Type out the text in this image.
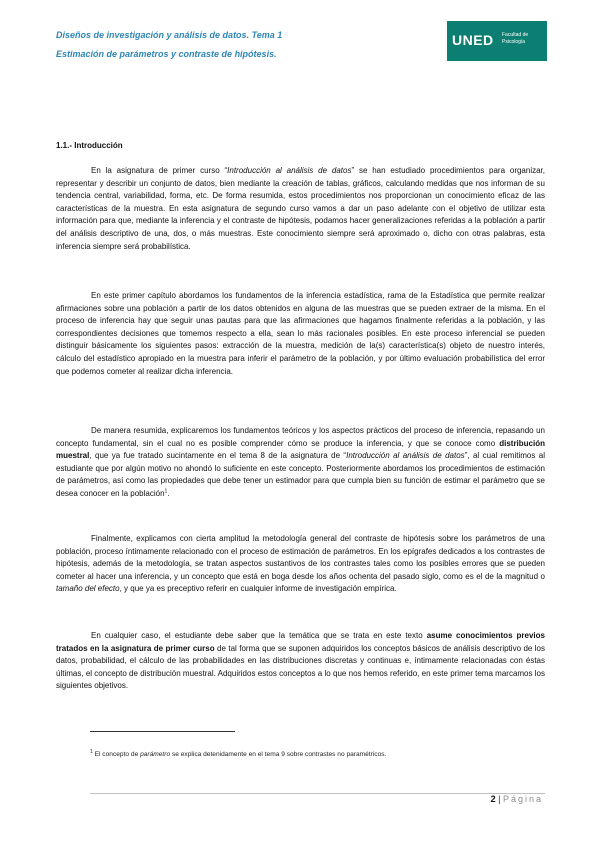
Diseños de investigación y análisis de datos. Tema 1
Estimación de parámetros y contraste de hipótesis.
UNED Facultad de Psicología
1.1.- Introducción

En la asignatura de primer curso “Introducción al análisis de datos” se han estudiado procedimientos para organizar, representar y describir un conjunto de datos, bien mediante la creación de tablas, gráficos, calculando medidas que nos informan de su tendencia central, variabilidad, forma, etc. De forma resumida, estos procedimientos nos proporcionan un conocimiento eficaz de las características de la muestra. En esta asignatura de segundo curso vamos a dar un paso adelante con el objetivo de utilizar esta información para que, mediante la inferencia y el contraste de hipótesis, podamos hacer generalizaciones referidas a la población a partir del análisis descriptivo de una, dos, o más muestras. Este conocimiento siempre será aproximado o, dicho con otras palabras, esta inferencia siempre será probabilística.

En este primer capítulo abordamos los fundamentos de la inferencia estadística, rama de la Estadística que permite realizar afirmaciones sobre una población a partir de los datos obtenidos en alguna de las muestras que se pueden extraer de la misma. En el proceso de inferencia hay que seguir unas pautas para que las afirmaciones que hagamos finalmente referidas a la población, y las correspondientes decisiones que tomemos respecto a ella, sean lo más racionales posibles. En este proceso inferencial se pueden distinguir básicamente los siguientes pasos: extracción de la muestra, medición de la(s) característica(s) objeto de nuestro interés, cálculo del estadístico apropiado en la muestra para inferir el parámetro de la población, y por último evaluación probabilística del error que podemos cometer al realizar dicha inferencia.

De manera resumida, explicaremos los fundamentos teóricos y los aspectos prácticos del proceso de inferencia, repasando un concepto fundamental, sin el cual no es posible comprender cómo se produce la inferencia, y que se conoce como distribución muestral, que ya fue tratado sucintamente en el tema 8 de la asignatura de “Introducción al análisis de datos”, al cual remitimos al estudiante que por algún motivo no ahondó lo suficiente en este concepto. Posteriormente abordamos los procedimientos de estimación de parámetros, así como las propiedades que debe tener un estimador para que cumpla bien su función de estimar el parámetro que se desea conocer en la población$^1$.

Finalmente, explicamos con cierta amplitud la metodología general del contraste de hipótesis sobre los parámetros de una población, proceso íntimamente relacionado con el proceso de estimación de parámetros. En los epígrafes dedicados a los contrastes de hipótesis, además de la metodología, se tratan aspectos sustantivos de los contrastes tales como los posibles errores que se pueden cometer al hacer una inferencia, y un concepto que está en boga desde los años ochenta del pasado siglo, como es el de la magnitud o tamaño del efecto, y que ya es preceptivo referir en cualquier informe de investigación empírica.

En cualquier caso, el estudiante debe saber que la temática que se trata en este texto asume conocimientos previos tratados en la asignatura de primer curso de tal forma que se suponen adquiridos los conceptos básicos de análisis descriptivo de los datos, probabilidad, el cálculo de las probabilidades en las distribuciones discretas y continuas e, íntimamente relacionadas con éstas últimas, el concepto de distribución muestral. Adquiridos estos conceptos a lo que nos hemos referido, en este primer tema marcamos los siguientes objetivos.

$^1$ El concepto de parámetro se explica detenidamente en el tema 9 sobre contrastes no paramétricos.
2 | Página
